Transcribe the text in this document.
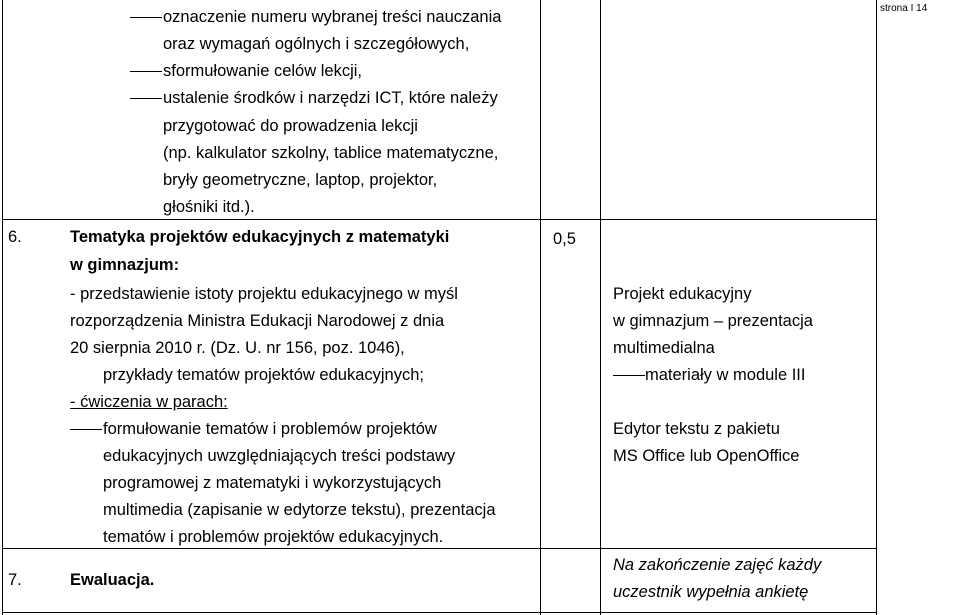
strona I 14
oznaczenie numeru wybranej treści nauczania
oraz wymagań ogólnych i szczegółowych,
sformułowanie celów lekcji,
ustalenie środków i narzędzi ICT, które należy
przygotować do prowadzenia lekcji
(np. kalkulator szkolny, tablice matematyczne,
bryły geometryczne, laptop, projektor,
głośniki itd.).
6.	Tematyka projektów edukacyjnych z matematyki
w gimnazjum:
- przedstawienie istoty projektu edukacyjnego w myśl
rozporządzenia Ministra Edukacji Narodowej z dnia
20 sierpnia 2010 r. (Dz. U. nr 156, poz. 1046),
przykłady tematów projektów edukacyjnych;
- ćwiczenia w parach:
formułowanie tematów i problemów projektów
edukacyjnych uwzględniających treści podstawy
programowej z matematyki i wykorzystujących
multimedia (zapisanie w edytorze tekstu), prezentacja
tematów i problemów projektów edukacyjnych.
0,5
Projekt edukacyjny
w gimnazjum – prezentacja
multimedialna
materiały w module III
Edytor tekstu z pakietu
MS Office lub OpenOffice
7.	Ewaluacja.
Na zakończenie zajęć każdy
uczestnik wypełnia ankietę
